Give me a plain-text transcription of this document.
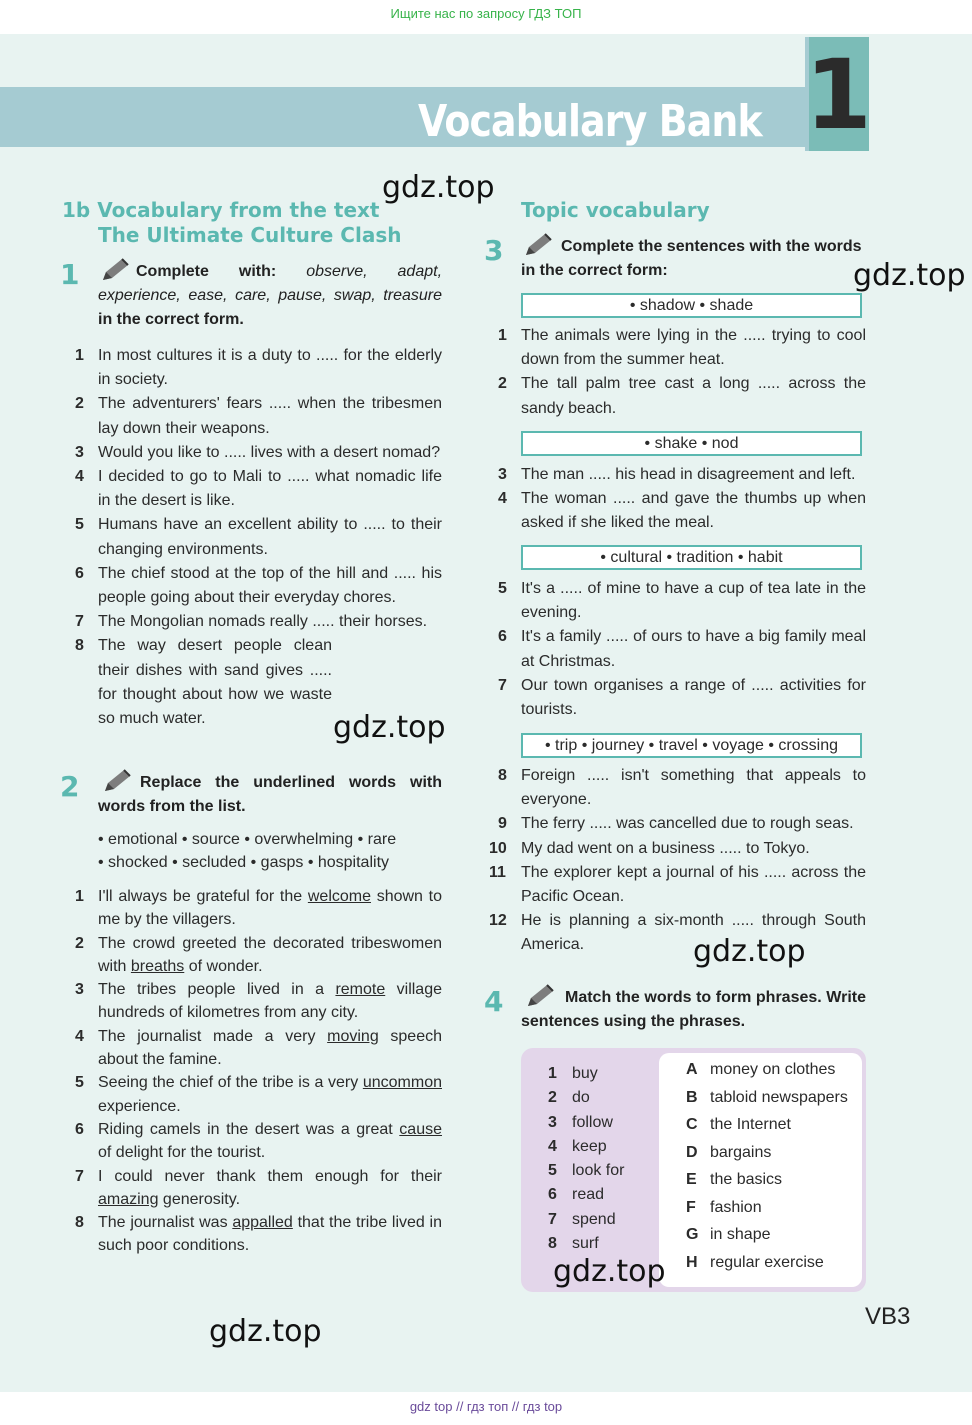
Ищите нас по запросу ГДЗ ТОП
Vocabulary Bank 1
1b Vocabulary from the text
The Ultimate Culture Clash
1	Complete with: observe, adapt, experience, ease, care, pause, swap, treasure in the correct form.
1 In most cultures it is a duty to ..... for the elderly in society.
2 The adventurers' fears ..... when the tribesmen lay down their weapons.
3 Would you like to ..... lives with a desert nomad?
4 I decided to go to Mali to ..... what nomadic life in the desert is like.
5 Humans have an excellent ability to ..... to their changing environments.
6 The chief stood at the top of the hill and ..... his people going about their everyday chores.
7 The Mongolian nomads really ..... their horses.
8 The way desert people clean their dishes with sand gives ..... for thought about how we waste so much water.
2	Replace the underlined words with words from the list.
• emotional • source • overwhelming • rare
• shocked • secluded • gasps • hospitality
1 I'll always be grateful for the welcome shown to me by the villagers.
2 The crowd greeted the decorated tribeswomen with breaths of wonder.
3 The tribes people lived in a remote village hundreds of kilometres from any city.
4 The journalist made a very moving speech about the famine.
5 Seeing the chief of the tribe is a very uncommon experience.
6 Riding camels in the desert was a great cause of delight for the tourist.
7 I could never thank them enough for their amazing generosity.
8 The journalist was appalled that the tribe lived in such poor conditions.
Topic vocabulary
3	Complete the sentences with the words in the correct form:
• shadow • shade
1 The animals were lying in the ..... trying to cool down from the summer heat.
2 The tall palm tree cast a long ..... across the sandy beach.
• shake • nod
3 The man ..... his head in disagreement and left.
4 The woman ..... and gave the thumbs up when asked if she liked the meal.
• cultural • tradition • habit
5 It's a ..... of mine to have a cup of tea late in the evening.
6 It's a family ..... of ours to have a big family meal at Christmas.
7 Our town organises a range of ..... activities for tourists.
• trip • journey • travel • voyage • crossing
8 Foreign ..... isn't something that appeals to everyone.
9 The ferry ..... was cancelled due to rough seas.
10 My dad went on a business ..... to Tokyo.
11 The explorer kept a journal of his ..... across the Pacific Ocean.
12 He is planning a six-month ..... through South America.
4	Match the words to form phrases. Write sentences using the phrases.
1 buy
2 do
3 follow
4 keep
5 look for
6 read
7 spend
8 surf
A money on clothes
B tabloid newspapers
C the Internet
D bargains
E the basics
F fashion
G in shape
H regular exercise
gdz.top
gdz.top
gdz.top
gdz.top
gdz.top
gdz.top	VB3
gdz top // гдз топ // гдз top
